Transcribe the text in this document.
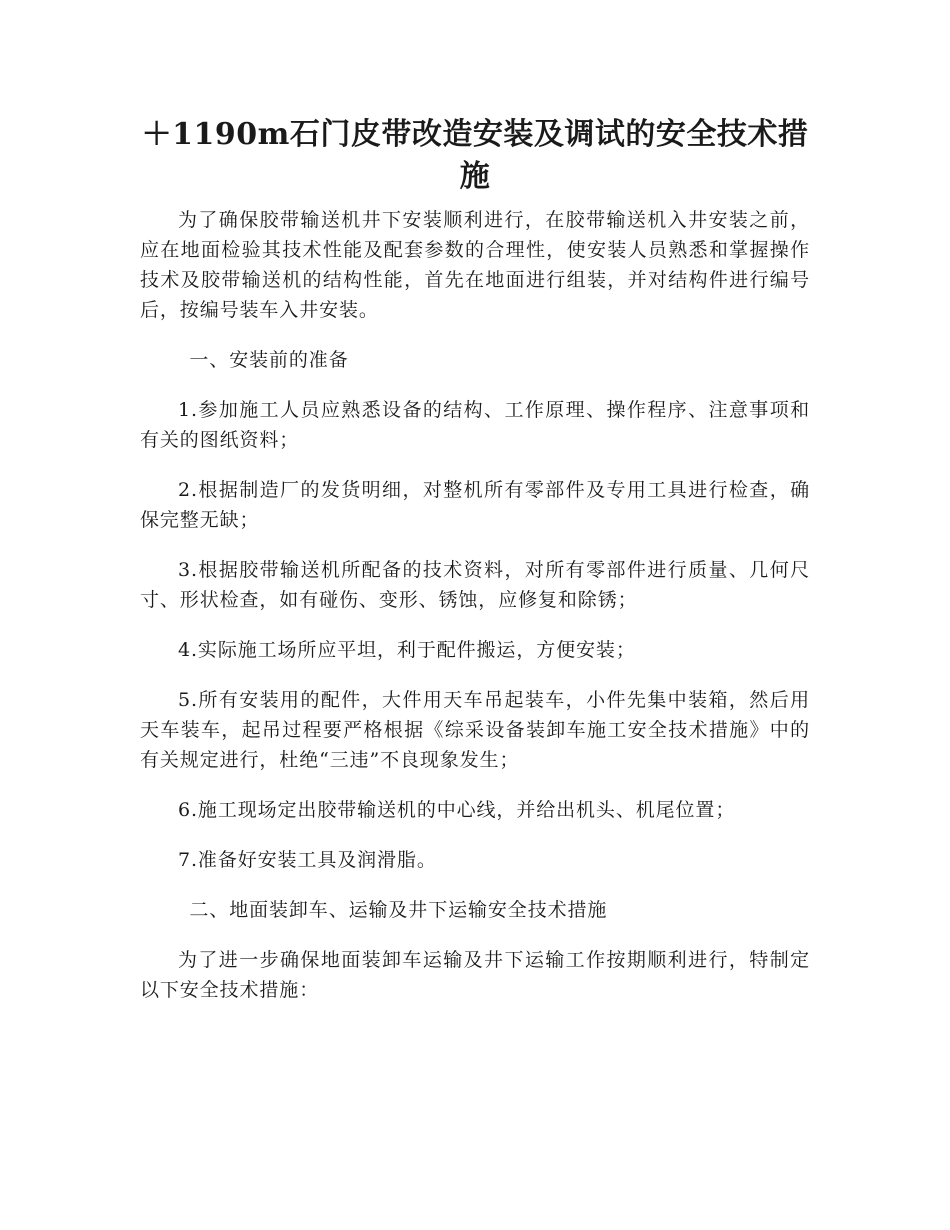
＋1190m石门皮带改造安装及调试的安全技术措施

为了确保胶带输送机井下安装顺利进行，在胶带输送机入井安装之前，应在地面检验其技术性能及配套参数的合理性，使安装人员熟悉和掌握操作技术及胶带输送机的结构性能，首先在地面进行组装，并对结构件进行编号后，按编号装车入井安装。

一、安装前的准备

1.参加施工人员应熟悉设备的结构、工作原理、操作程序、注意事项和有关的图纸资料；

2.根据制造厂的发货明细，对整机所有零部件及专用工具进行检查，确保完整无缺；

3.根据胶带输送机所配备的技术资料，对所有零部件进行质量、几何尺寸、形状检查，如有碰伤、变形、锈蚀，应修复和除锈；

4.实际施工场所应平坦，利于配件搬运，方便安装；

5.所有安装用的配件，大件用天车吊起装车，小件先集中装箱，然后用天车装车，起吊过程要严格根据《综采设备装卸车施工安全技术措施》中的有关规定进行，杜绝“三违”不良现象发生；

6.施工现场定出胶带输送机的中心线，并给出机头、机尾位置；

7.准备好安装工具及润滑脂。

二、地面装卸车、运输及井下运输安全技术措施

为了进一步确保地面装卸车运输及井下运输工作按期顺利进行，特制定以下安全技术措施：
